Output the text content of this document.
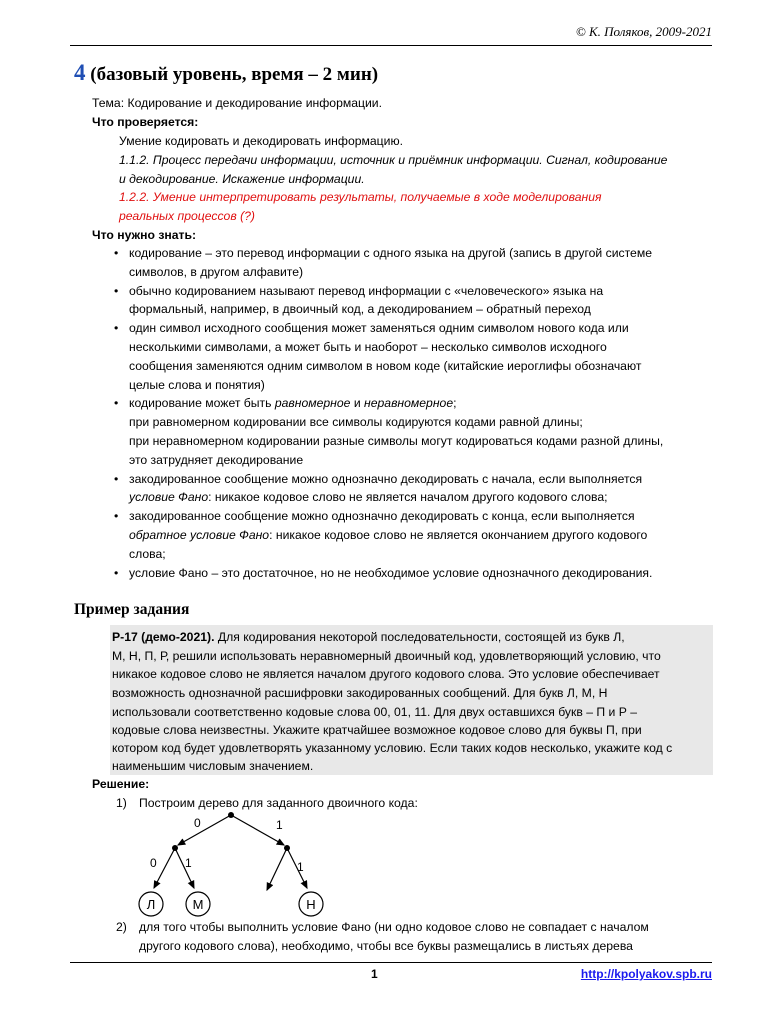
© К. Поляков, 2009-2021
4 (базовый уровень, время – 2 мин)
Тема: Кодирование и декодирование информации.
Что проверяется:
Умение кодировать и декодировать информацию.
1.1.2. Процесс передачи информации, источник и приёмник информации. Сигнал, кодирование
и декодирование. Искажение информации.
1.2.2. Умение интерпретировать результаты, получаемые в ходе моделирования
реальных процессов (?)
Что нужно знать:
• кодирование – это перевод информации с одного языка на другой (запись в другой системе
символов, в другом алфавите)
• обычно кодированием называют перевод информации с «человеческого» языка на
формальный, например, в двоичный код, а декодированием – обратный переход
• один символ исходного сообщения может заменяться одним символом нового кода или
несколькими символами, а может быть и наоборот – несколько символов исходного
сообщения заменяются одним символом в новом коде (китайские иероглифы обозначают
целые слова и понятия)
• кодирование может быть равномерное и неравномерное;
при равномерном кодировании все символы кодируются кодами равной длины;
при неравномерном кодировании разные символы могут кодироваться кодами разной длины,
это затрудняет декодирование
• закодированное сообщение можно однозначно декодировать с начала, если выполняется
условие Фано: никакое кодовое слово не является началом другого кодового слова;
• закодированное сообщение можно однозначно декодировать с конца, если выполняется
обратное условие Фано: никакое кодовое слово не является окончанием другого кодового
слова;
• условие Фано – это достаточное, но не необходимое условие однозначного декодирования.
Пример задания
Р-17 (демо-2021). Для кодирования некоторой последовательности, состоящей из букв Л,
М, Н, П, Р, решили использовать неравномерный двоичный код, удовлетворяющий условию, что
никакое кодовое слово не является началом другого кодового слова. Это условие обеспечивает
возможность однозначной расшифровки закодированных сообщений. Для букв Л, М, Н
использовали соответственно кодовые слова 00, 01, 11. Для двух оставшихся букв – П и Р –
кодовые слова неизвестны. Укажите кратчайшее возможное кодовое слово для буквы П, при
котором код будет удовлетворять указанному условию. Если таких кодов несколько, укажите код с
наименьшим числовым значением.
Решение:
1) Построим дерево для заданного двоичного кода:
0	1
0 1	1
Л	М	Н
2) для того чтобы выполнить условие Фано (ни одно кодовое слово не совпадает с началом
другого кодового слова), необходимо, чтобы все буквы размещались в листьях дерева
1	http://kpolyakov.spb.ru
